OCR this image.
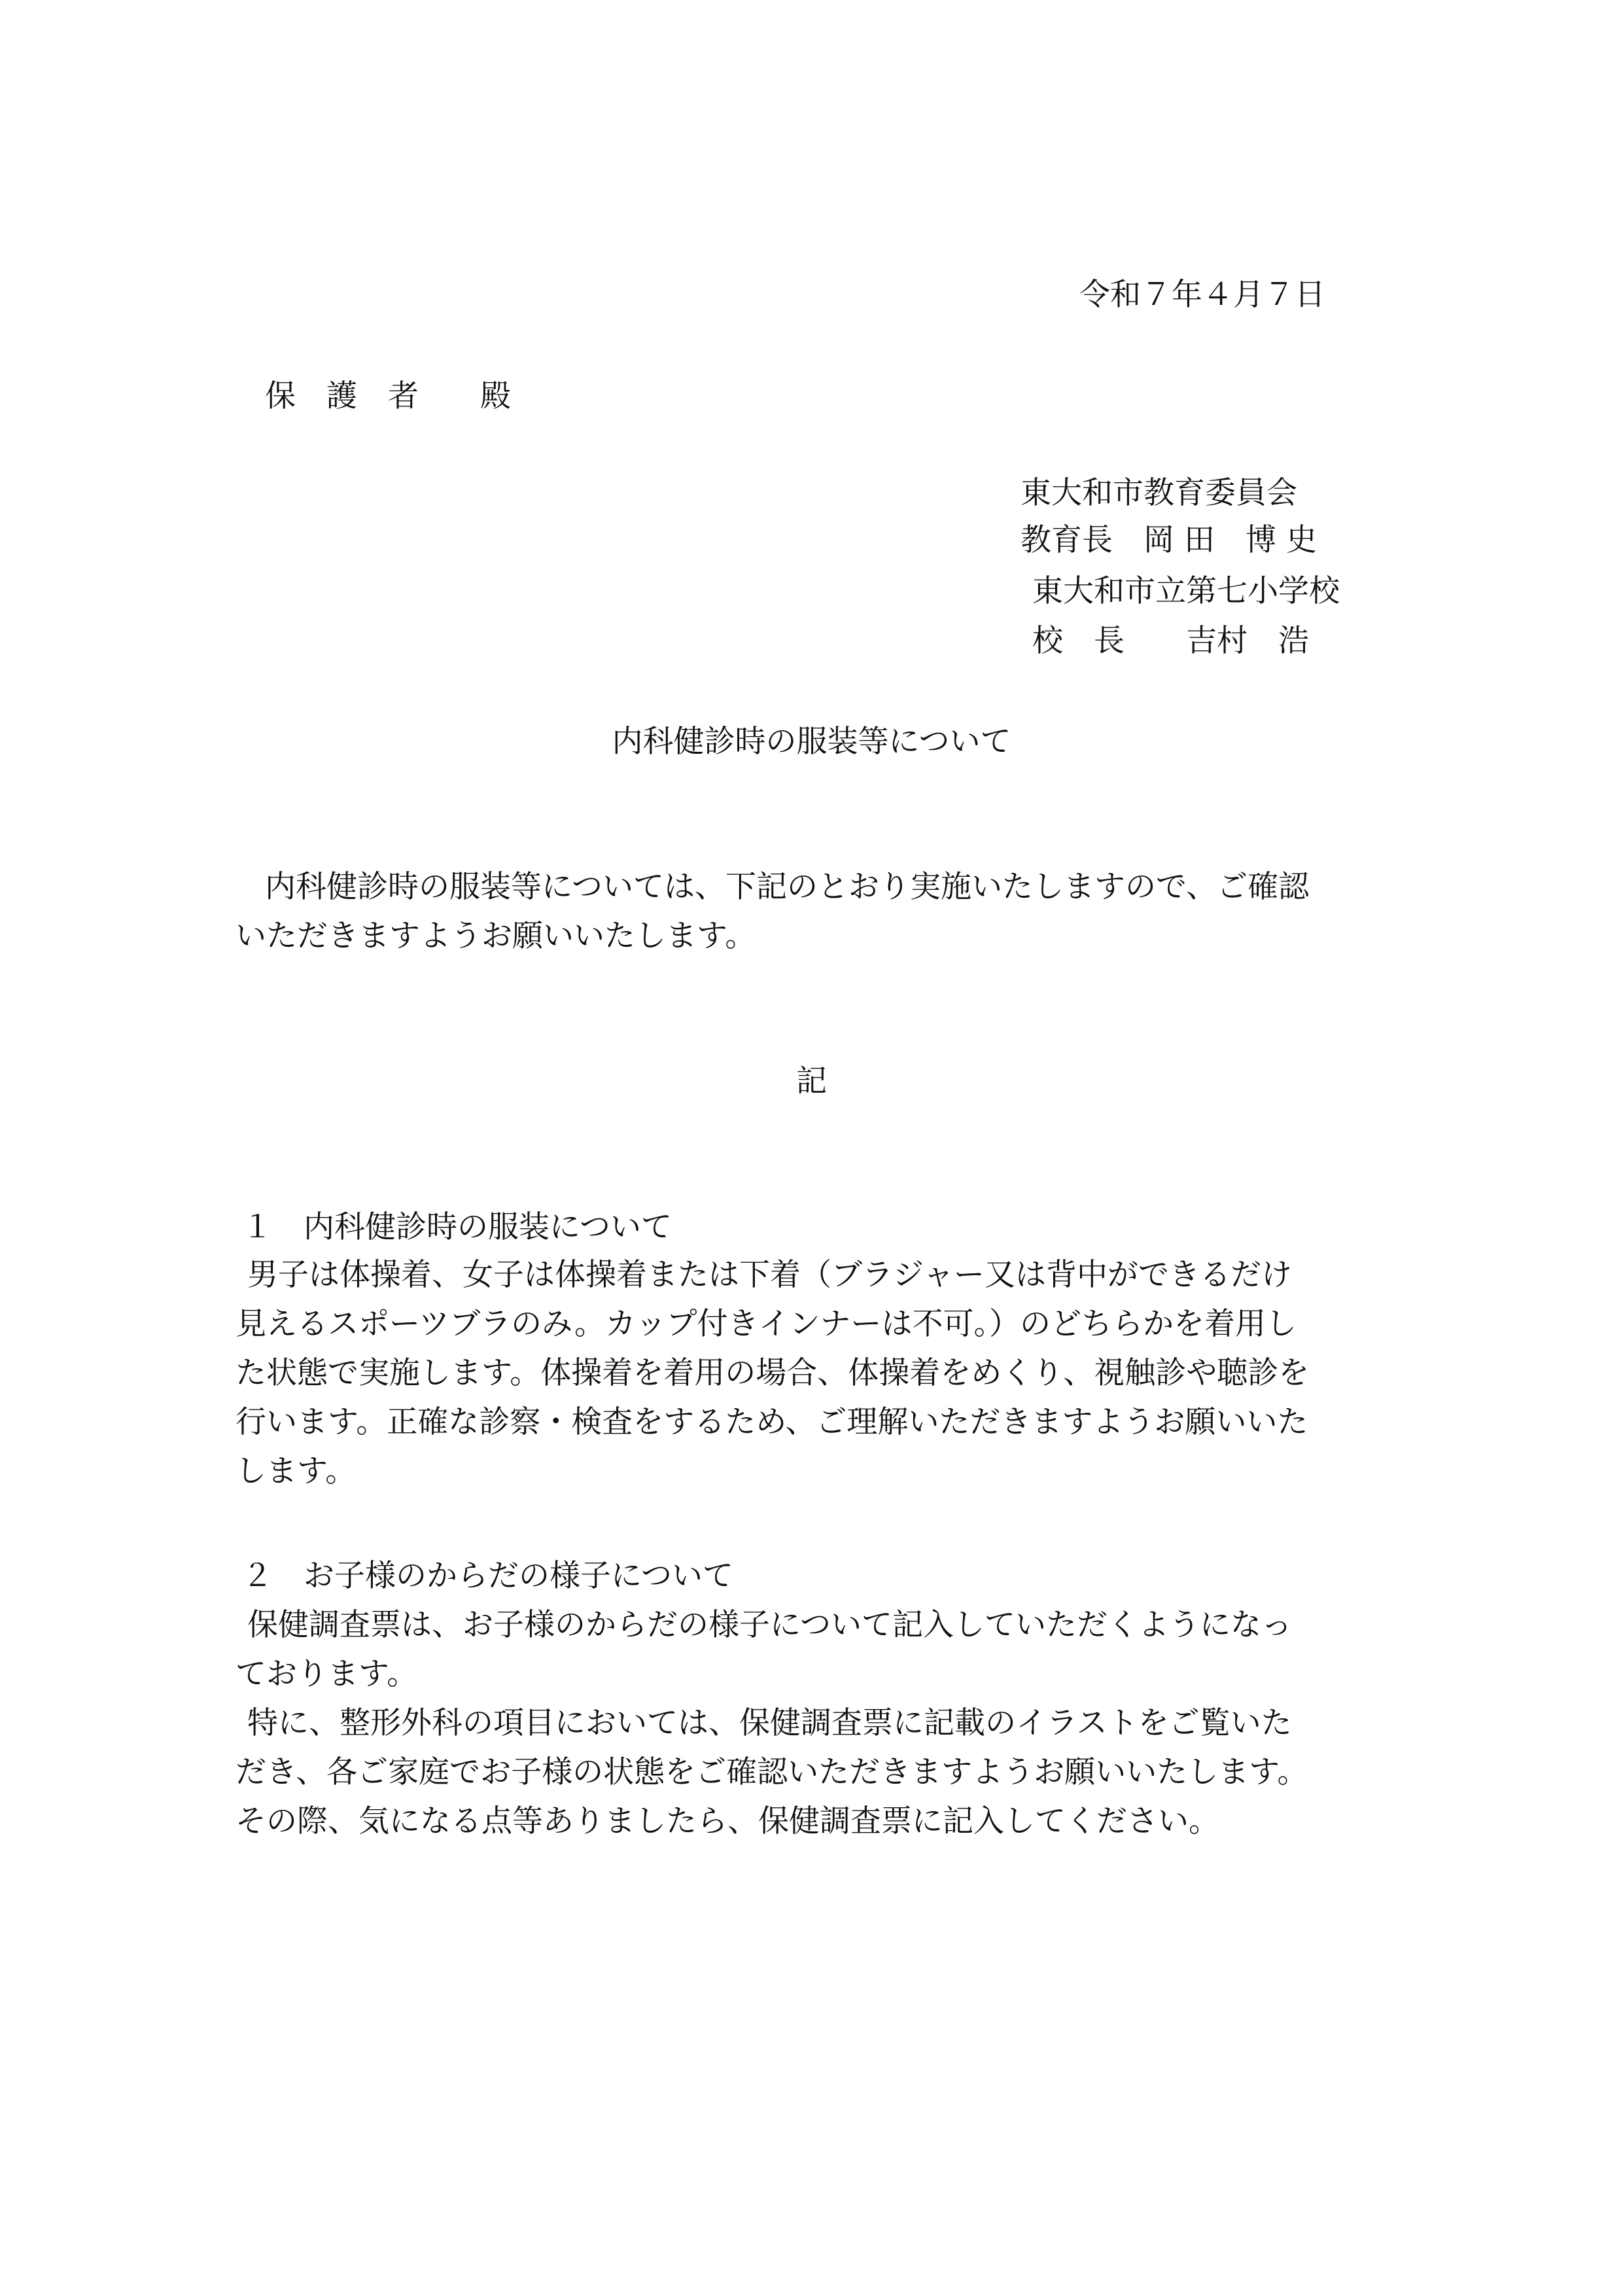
令和７年４月７日
保　護　者　　殿
東大和市教育委員会
教育長　岡 田　博 史
東大和市立第七小学校
校　長　　吉村　浩
内科健診時の服装等について
内科健診時の服装等については、下記のとおり実施いたしますので、ご確認
いただきますようお願いいたします。
記
１　内科健診時の服装について
男子は体操着、女子は体操着または下着（ブラジャー又は背中ができるだけ
見えるスポーツブラのみ。カップ付きインナーは不可。）のどちらかを着用し
た状態で実施します。体操着を着用の場合、体操着をめくり、視触診や聴診を
行います。正確な診察・検査をするため、ご理解いただきますようお願いいた
します。
２　お子様のからだの様子について
保健調査票は、お子様のからだの様子について記入していただくようになっ
ております。
特に、整形外科の項目においては、保健調査票に記載のイラストをご覧いた
だき、各ご家庭でお子様の状態をご確認いただきますようお願いいたします。
その際、気になる点等ありましたら、保健調査票に記入してください。
